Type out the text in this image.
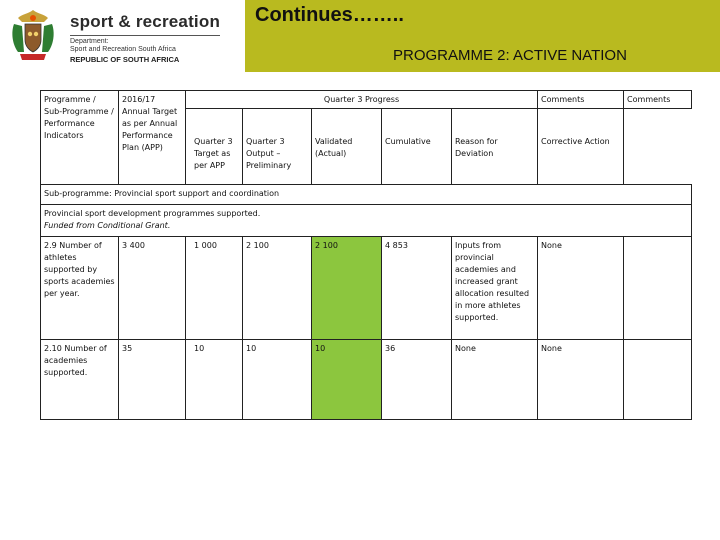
sport & recreation
Department:
Sport and Recreation South Africa
REPUBLIC OF SOUTH AFRICA
Continues……..
PROGRAMME 2: ACTIVE NATION
Programme / Sub-Programme / Performance Indicators	2016/17 Annual Target as per Annual Performance Plan (APP)	Quarter 3 Progress					Comments	Comments
		Quarter 3 Target as per APP	Quarter 3 Output – Preliminary	Validated (Actual)	Cumulative	Reason for Deviation	Corrective Action	
Sub-programme: Provincial sport support and coordination								

Provincial sport development programmes supported.
Funded from Conditional Grant.								

2.9 Number of athletes supported by sports academies per year.	3 400	1 000	2 100	2 100	4 853	Inputs from provincial academies and increased grant allocation resulted in more athletes supported.	None	
2.10 Number of academies supported.	35	10	10	10	36	None	None	
